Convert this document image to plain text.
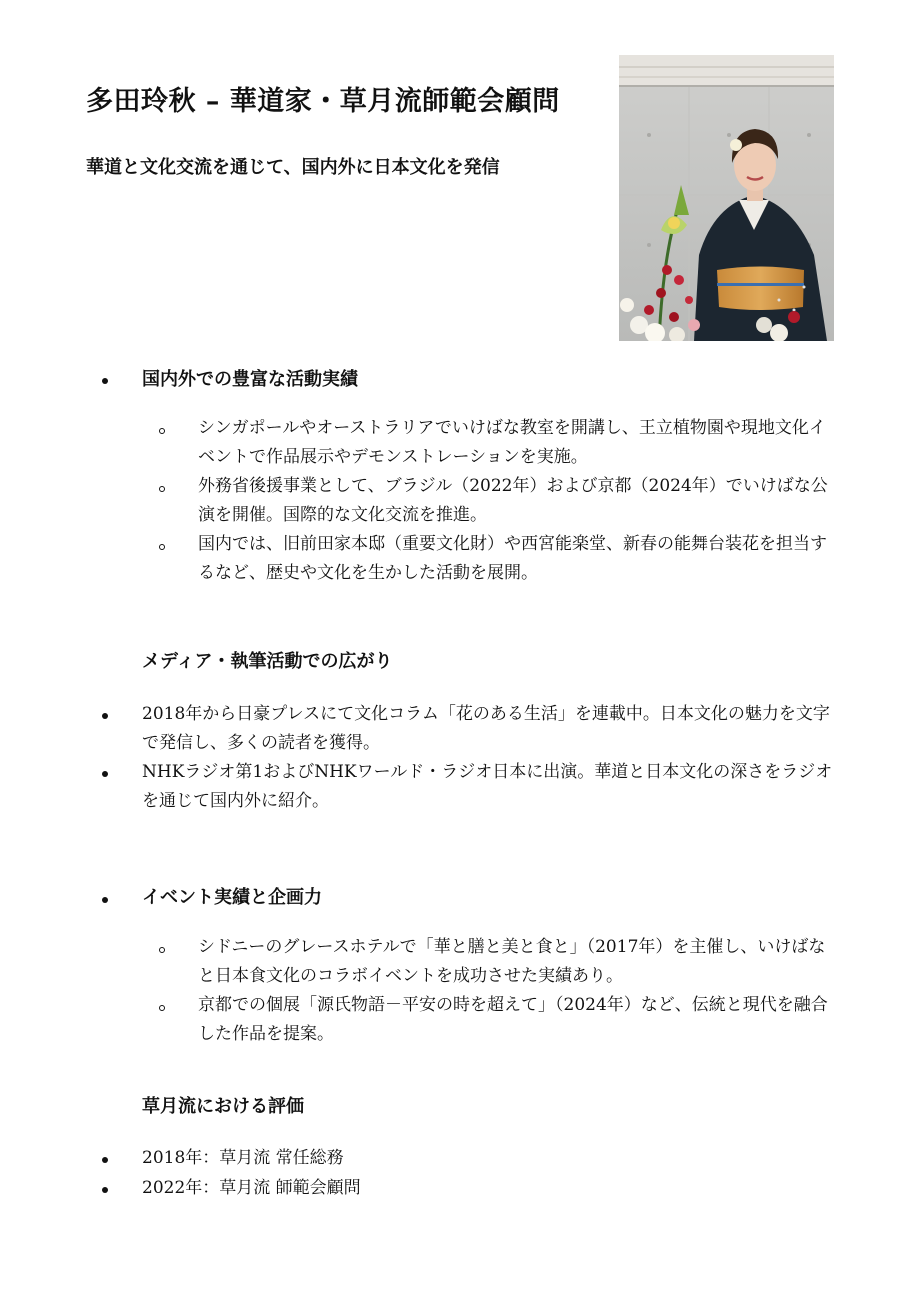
多田玲秋 – 華道家・草月流師範会顧問

華道と文化交流を通じて、国内外に日本文化を発信

国内外での豊富な活動実績

シンガポールやオーストラリアでいけばな教室を開講し、王立植物園や現地文化イベントで作品展示やデモンストレーションを実施。

外務省後援事業として、ブラジル（2022年）および京都（2024年）でいけばな公演を開催。国際的な文化交流を推進。

国内では、旧前田家本邸（重要文化財）や西宮能楽堂、新春の能舞台装花を担当するなど、歴史や文化を生かした活動を展開。

メディア・執筆活動での広がり

2018年から日豪プレスにて文化コラム「花のある生活」を連載中。日本文化の魅力を文字で発信し、多くの読者を獲得。

NHKラジオ第1およびNHKワールド・ラジオ日本に出演。華道と日本文化の深さをラジオを通じて国内外に紹介。

イベント実績と企画力

シドニーのグレースホテルで「華と膳と美と食と」（2017年）を主催し、いけばなと日本食文化のコラボイベントを成功させた実績あり。

京都での個展「源氏物語－平安の時を超えて」（2024年）など、伝統と現代を融合した作品を提案。

草月流における評価

2018年：草月流 常任総務

2022年：草月流 師範会顧問
